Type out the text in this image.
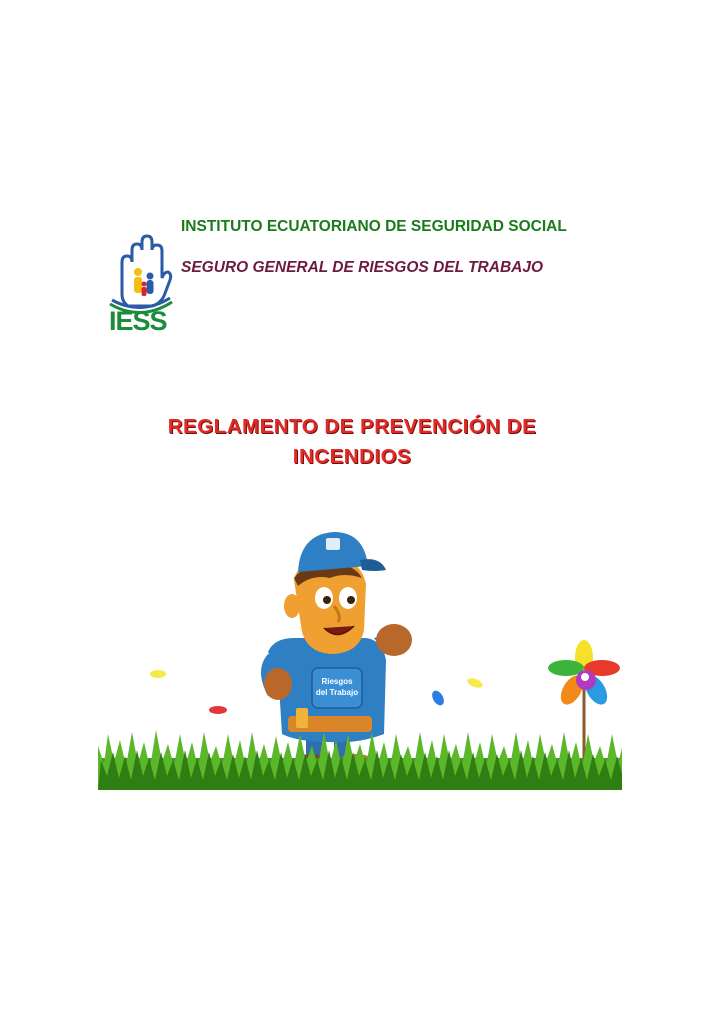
IESS
INSTITUTO ECUATORIANO DE SEGURIDAD SOCIAL
SEGURO GENERAL DE RIESGOS DEL TRABAJO
REGLAMENTO DE PREVENCIÓN DE
INCENDIOS
Riesgos
del Trabajo
